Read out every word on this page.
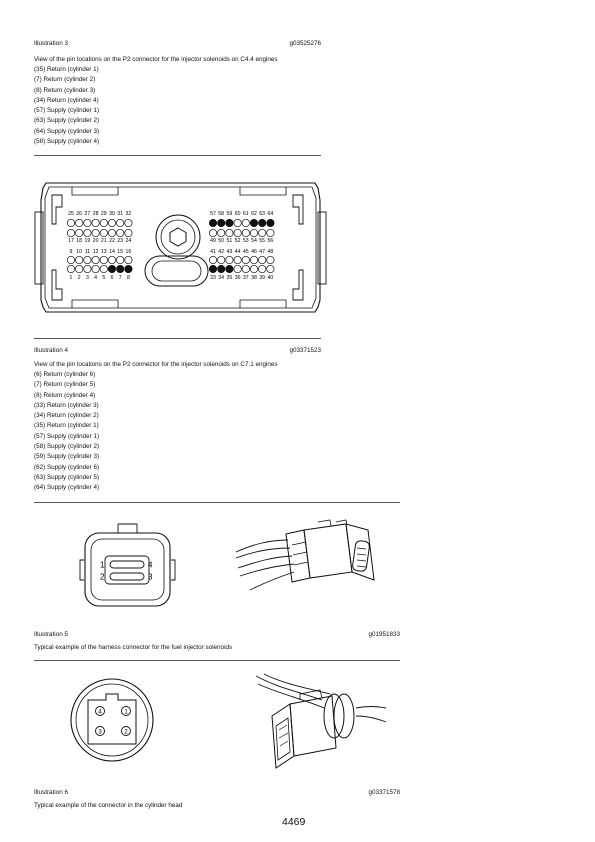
Illustration 3	g03525276
View of the pin locations on the P2 connector for the injector solenoids on C4.4 engines
(35) Return (cylinder 1)
(7) Return (cylinder 2)
(8) Return (cylinder 3)
(34) Return (cylinder 4)
(57) Supply (cylinder 1)
(63) Supply (cylinder 2)
(64) Supply (cylinder 3)
(58) Supply (cylinder 4)
25 26 27 28 29 30 31 32
17 18 19 20 21 22 23 24
9 10 11 12 13 14 15 16
1 2 3 4 5 6 7 8
57 58 59 60 61 62 63 64
49 50 51 52 53 54 55 56
41 42 43 44 45 46 47 48
33 34 35 36 37 38 39 40
Illustration 4	g03371523
View of the pin locations on the P2 connector for the injector solenoids on C7.1 engines
(6) Return (cylinder 6)
(7) Return (cylinder 5)
(8) Return (cylinder 4)
(33) Return (cylinder 3)
(34) Return (cylinder 2)
(35) Return (cylinder 1)
(57) Supply (cylinder 1)
(58) Supply (cylinder 2)
(59) Supply (cylinder 3)
(62) Supply (cylinder 6)
(63) Supply (cylinder 5)
(64) Supply (cylinder 4)
1
2
4
3
Illustration 5	g01951833
Typical example of the harness connector for the fuel injector solenoids
4	1
3	2
Illustration 6	g03371578
Typical example of the connector in the cylinder head
4469
